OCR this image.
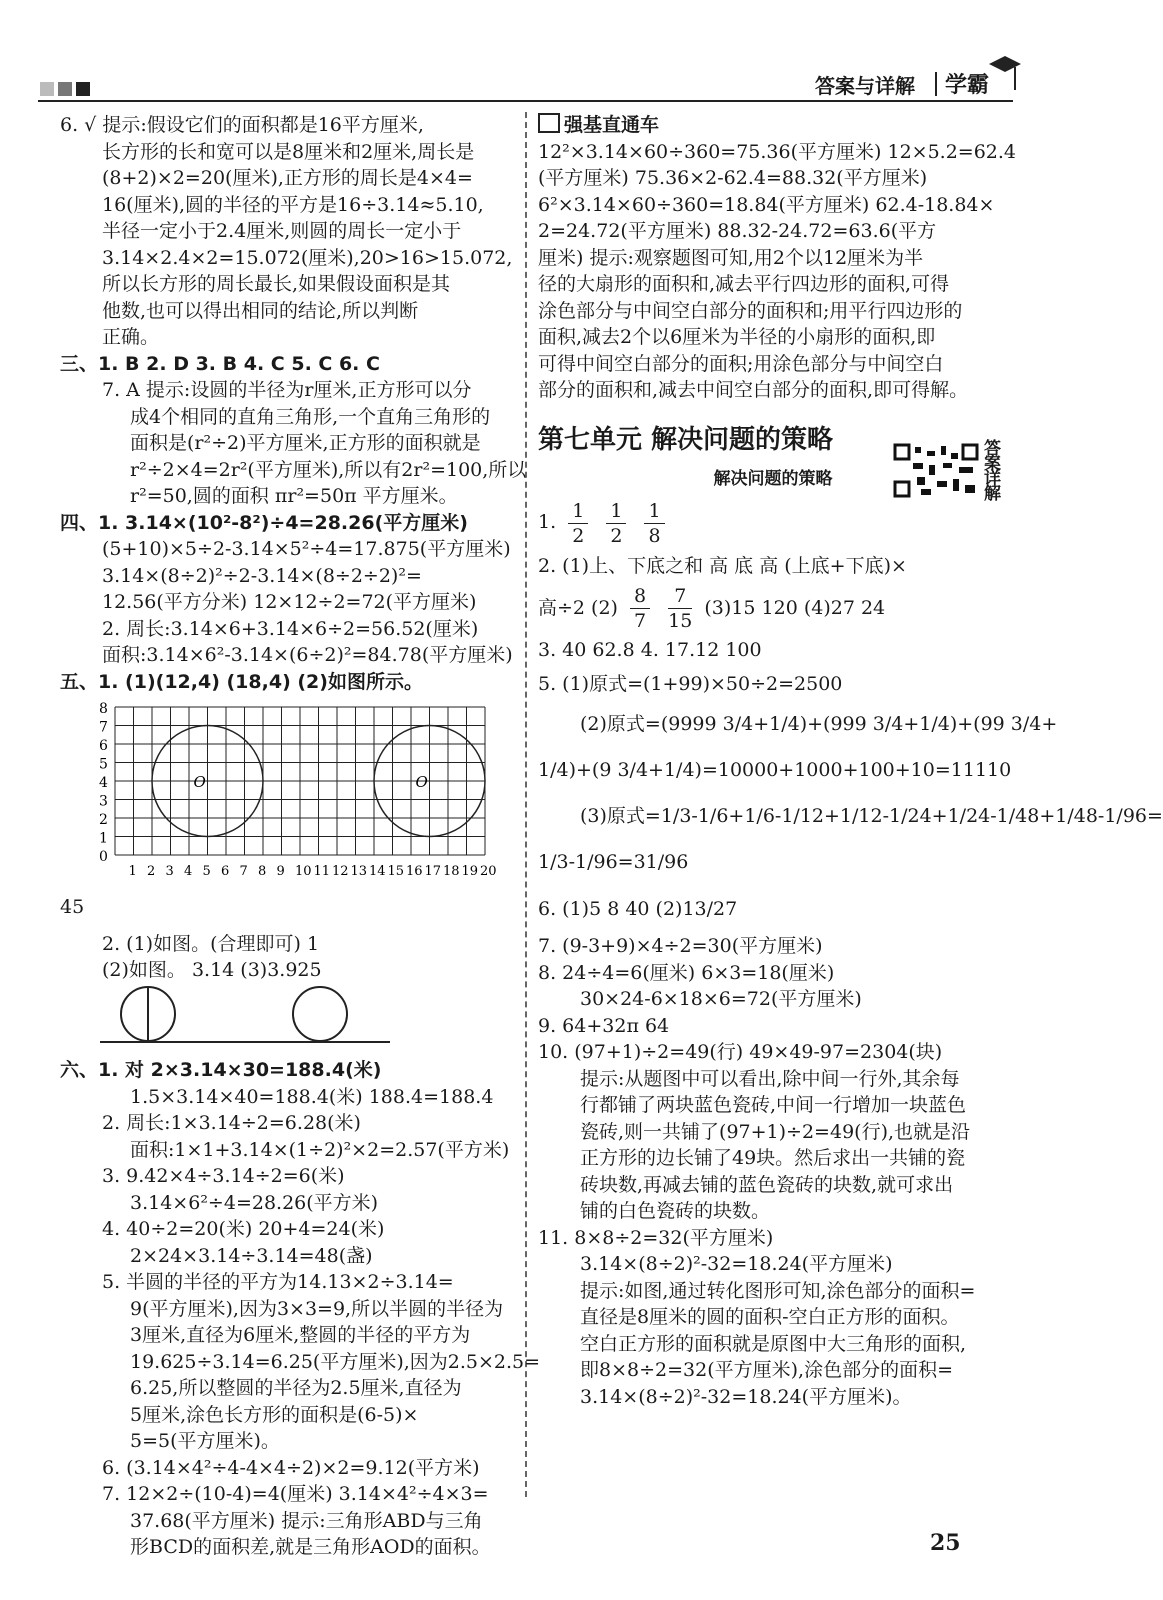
答案与详解 学霸
6. √ 提示:假设它们的面积都是16平方厘米,
长方形的长和宽可以是8厘米和2厘米,周长是
(8+2)×2=20(厘米),正方形的周长是4×4=
16(厘米),圆的半径的平方是16÷3.14≈5.10,
半径一定小于2.4厘米,则圆的周长一定小于
3.14×2.4×2=15.072(厘米),20>16>15.072,
所以长方形的周长最长,如果假设面积是其
他数,也可以得出相同的结论,所以判断
正确。
三、1. B 2. D 3. B 4. C 5. C 6. C
7. A 提示:设圆的半径为r厘米,正方形可以分
成4个相同的直角三角形,一个直角三角形的
面积是(r²÷2)平方厘米,正方形的面积就是
r²÷2×4=2r²(平方厘米),所以有2r²=100,所以
r²=50,圆的面积 πr²=50π 平方厘米。
四、1. 3.14×(10²-8²)÷4=28.26(平方厘米)
(5+10)×5÷2-3.14×5²÷4=17.875(平方厘米)
3.14×(8÷2)²÷2-3.14×(8÷2÷2)²=
12.56(平方分米) 12×12÷2=72(平方厘米)
2. 周长:3.14×6+3.14×6÷2=56.52(厘米)
面积:3.14×6²-3.14×(6÷2)²=84.78(平方厘米)
五、1. (1)(12,4) (18,4) (2)如图所示。
8
7
6
5
4
3
2
1
0
1 2 3 4 5 6 7 8 9 10 11 12 13 14 15 16 17 18 19 20
O	O
45
2. (1)如图。(合理即可) 1
(2)如图。 3.14 (3)3.925
六、1. 对 2×3.14×30=188.4(米)
1.5×3.14×40=188.4(米) 188.4=188.4
2. 周长:1×3.14÷2=6.28(米)
面积:1×1+3.14×(1÷2)²×2=2.57(平方米)
3. 9.42×4÷3.14÷2=6(米)
3.14×6²÷4=28.26(平方米)
4. 40÷2=20(米) 20+4=24(米)
2×24×3.14÷3.14=48(盏)
5. 半圆的半径的平方为14.13×2÷3.14=
9(平方厘米),因为3×3=9,所以半圆的半径为
3厘米,直径为6厘米,整圆的半径的平方为
19.625÷3.14=6.25(平方厘米),因为2.5×2.5=
6.25,所以整圆的半径为2.5厘米,直径为
5厘米,涂色长方形的面积是(6-5)×
5=5(平方厘米)。
6. (3.14×4²÷4-4×4÷2)×2=9.12(平方米)
7. 12×2÷(10-4)=4(厘米) 3.14×4²÷4×3=
37.68(平方厘米) 提示:三角形ABD与三角
形BCD的面积差,就是三角形AOD的面积。
强基直通车
12²×3.14×60÷360=75.36(平方厘米) 12×5.2=62.4
(平方厘米) 75.36×2-62.4=88.32(平方厘米)
6²×3.14×60÷360=18.84(平方厘米) 62.4-18.84×
2=24.72(平方厘米) 88.32-24.72=63.6(平方
厘米) 提示:观察题图可知,用2个以12厘米为半
径的大扇形的面积和,减去平行四边形的面积,可得
涂色部分与中间空白部分的面积和;用平行四边形的
面积,减去2个以6厘米为半径的小扇形的面积,即
可得中间空白部分的面积;用涂色部分与中间空白
部分的面积和,减去中间空白部分的面积,即可得解。
第七单元 解决问题的策略
解决问题的策略
1. $\frac{1}{2}$
$\frac{1}{2}$
$\frac{1}{8}$
2. (1)上、下底之和 高 底 高 (上底+下底)×
高÷2 $(2) \frac{8}{7}$
$\frac{7}{15} (3)15$ 120 (4)27 24
3. 40 62.8 4. 17.12 100
5. (1)原式=(1+99)×50÷2=2500
(2)原式=(9999 3/4+1/4)+(999 3/4+1/4)+(99 3/4+
1/4)+(9 3/4+1/4)=10000+1000+100+10=11110
(3)原式=1/3-1/6+1/6-1/12+1/12-1/24+1/24-1/48+1/48-1/96=
1/3-1/96=31/96
6. (1)5 8 40 (2)13/27
7. (9-3+9)×4÷2=30(平方厘米)
8. 24÷4=6(厘米) 6×3=18(厘米)
30×24-6×18×6=72(平方厘米)
9. 64+32π 64
10. (97+1)÷2=49(行) 49×49-97=2304(块)
提示:从题图中可以看出,除中间一行外,其余每
行都铺了两块蓝色瓷砖,中间一行增加一块蓝色
瓷砖,则一共铺了(97+1)÷2=49(行),也就是沿
正方形的边长铺了49块。然后求出一共铺的瓷
砖块数,再减去铺的蓝色瓷砖的块数,就可求出
铺的白色瓷砖的块数。
11. 8×8÷2=32(平方厘米)
3.14×(8÷2)²-32=18.24(平方厘米)
提示:如图,通过转化图形可知,涂色部分的面积=
直径是8厘米的圆的面积-空白正方形的面积。
空白正方形的面积就是原图中大三角形的面积,
即8×8÷2=32(平方厘米),涂色部分的面积=
3.14×(8÷2)²-32=18.24(平方厘米)。
答案详解
25
